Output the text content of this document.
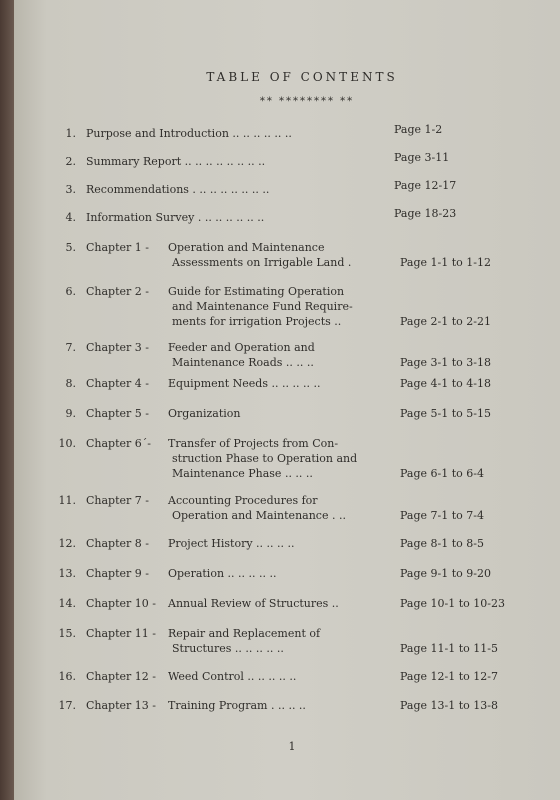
TABLE OF CONTENTS
** ******** **
1. Purpose and Introduction .. .. .. .. .. ..	Page 1-2
2. Summary Report .. .. .. .. .. .. .. ..	Page 3-11
3. Recommendations . .. .. .. .. .. .. ..	Page 12-17
4. Information Survey . .. .. .. .. .. ..	Page 18-23
5. Chapter 1 - Operation and Maintenance
Assessments on Irrigable Land .	Page 1-1 to 1-12
6. Chapter 2 - Guide for Estimating Operation
and Maintenance Fund Require-
ments for irrigation Projects ..	Page 2-1 to 2-21
7. Chapter 3 - Feeder and Operation and
Maintenance Roads .. .. ..	Page 3-1 to 3-18
8. Chapter 4 - Equipment Needs .. .. .. .. ..	Page 4-1 to 4-18
9. Chapter 5 - Organization	Page 5-1 to 5-15
10. Chapter 6´- Transfer of Projects from Con-
struction Phase to Operation and
Maintenance Phase .. .. ..	Page 6-1 to 6-4
11. Chapter 7 - Accounting Procedures for
Operation and Maintenance . ..	Page 7-1 to 7-4
12. Chapter 8 - Project History .. .. .. ..	Page 8-1 to 8-5
13. Chapter 9 - Operation .. .. .. .. ..	Page 9-1 to 9-20
14. Chapter 10 - Annual Review of Structures ..	Page 10-1 to 10-23
15. Chapter 11 - Repair and Replacement of
Structures .. .. .. .. ..	Page 11-1 to 11-5
16. Chapter 12 - Weed Control .. .. .. .. ..	Page 12-1 to 12-7
17. Chapter 13 - Training Program . .. .. ..	Page 13-1 to 13-8
1
